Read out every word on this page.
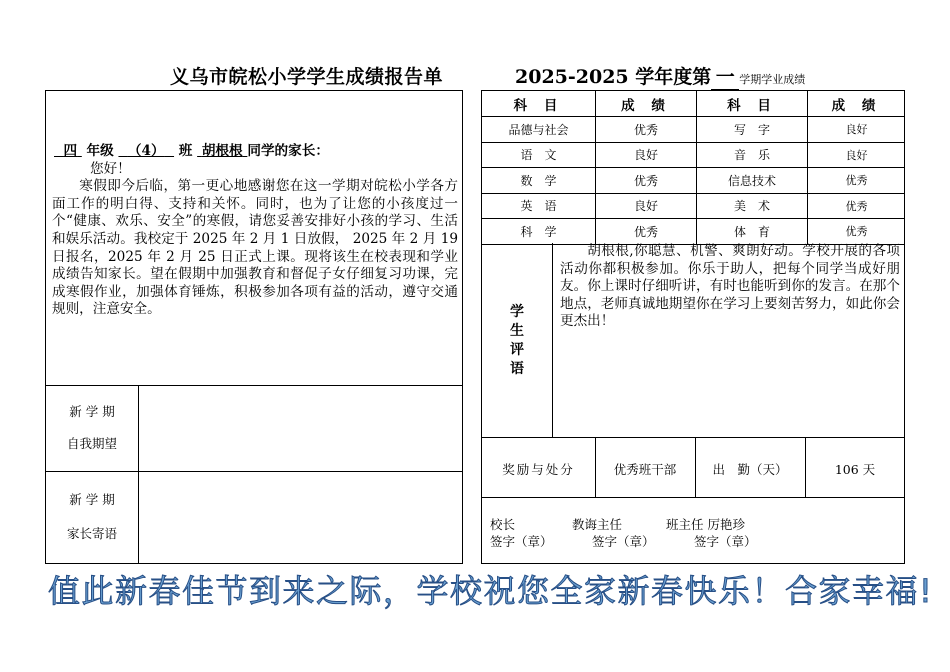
义乌市皖松小学学生成绩报告单	2025-2025 学年度第 一 学期学业成绩
四 年级 （4） 班 胡根根 同学的家长：
您好！

寒假即今后临，第一更心地感谢您在这一学期对皖松小学各方面工作的明白得、支持和关怀。同时，也为了让您的小孩度过一个“健康、欢乐、安全”的寒假，请您妥善安排好小孩的学习、生活和娱乐活动。我校定于 2025 年 2 月 1 日放假， 2025 年 2 月 19 日报名，2025 年 2 月 25 日正式上课。现将该生在校表现和学业成绩告知家长。望在假期中加强教育和督促子女仔细复习功课，完成寒假作业，加强体育锤炼，积极参加各项有益的活动，遵守交通规则，注意安全。

新 学 期
自我期望
新 学 期
家长寄语
科 目	成 绩	科 目	成 绩
品德与社会	优秀	写　字	良好
语　文	良好	音　乐	良好
数　学	优秀	信息技术	优秀
英　语	良好	美　术	优秀
科　学	优秀	体　育	优秀
学
生
评
语
胡根根,你聪慧、机警、爽朗好动。学校开展的各项活动你都积极参加。你乐于助人，把每个同学当成好朋友。你上课时仔细听讲，有时也能听到你的发言。在那个地点，老师真诚地期望你在学习上要刻苦努力，如此你会更杰出！
奖励与处分	优秀班干部	出　勤（天）	106 天
校长	教诲主任	班主任 厉艳珍
签字（章）	签字（章）	签字（章）
值此新春佳节到来之际，学校祝您全家新春快乐！合家幸福!
